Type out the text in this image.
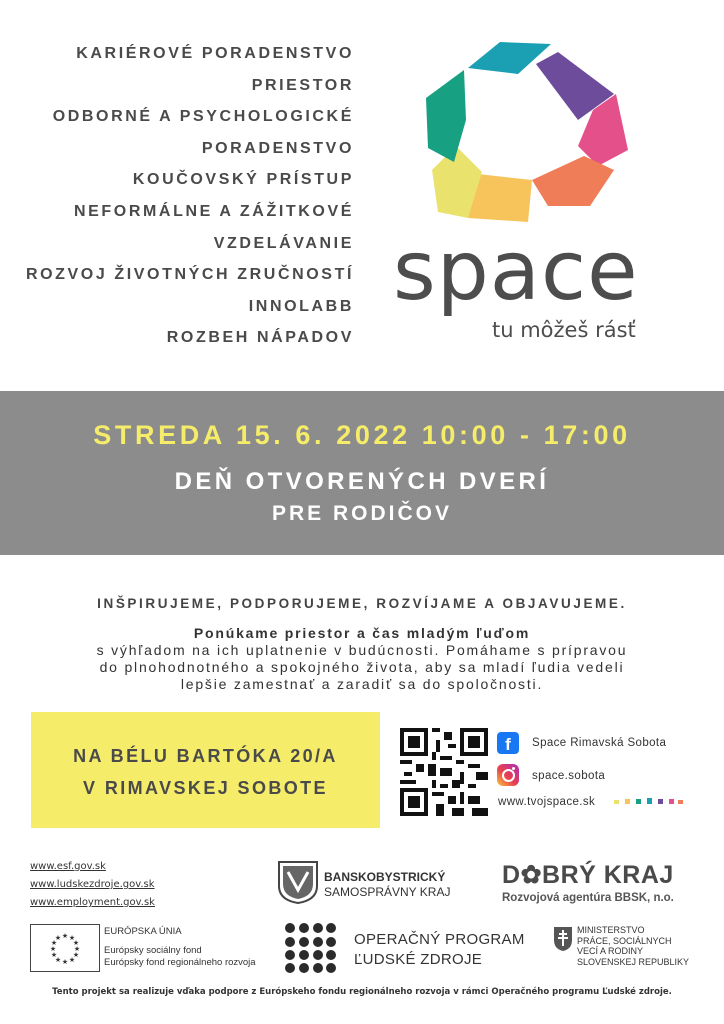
KARIÉROVÉ PORADENSTVO
PRIESTOR
ODBORNÉ A PSYCHOLOGICKÉ
PORADENSTVO
KOUČOVSKÝ PRÍSTUP
NEFORMÁLNE A ZÁŽITKOVÉ
VZDELÁVANIE
ROZVOJ ŽIVOTNÝCH ZRUČNOSTÍ
INNOLABB
ROZBEH NÁPADOV
space
tu môžeš rásť
STREDA 15. 6. 2022 10:00 - 17:00
DEŇ OTVORENÝCH DVERÍ
PRE RODIČOV
INŠPIRUJEME, PODPORUJEME, ROZVÍJAME A OBJAVUJEME.
Ponúkame priestor a čas mladým ľuďom
s výhľadom na ich uplatnenie v budúcnosti. Pomáhame s prípravou
do plnohodnotného a spokojného života, aby sa mladí ľudia vedeli
lepšie zamestnať a zaradiť sa do spoločnosti.
NA BÉLU BARTÓKA 20/A
V RIMAVSKEJ SOBOTE
f	Space Rimavská Sobota
space.sobota
www.tvojspace.sk
www.esf.gov.sk
www.ludskezdroje.gov.sk
www.employment.gov.sk
BANSKOBYSTRICKÝ
SAMOSPRÁVNY KRAJ
D✿BRÝ KRAJ
Rozvojová agentúra BBSK, n.o.
★ ★
★
★
★
★
★
★
★
★
★
★
EURÓPSKA ÚNIA
Európsky sociálny fond
Európsky fond regionálneho rozvoja
OPERAČNÝ PROGRAM
ĽUDSKÉ ZDROJE
MINISTERSTVO
PRÁCE, SOCIÁLNYCH
VECÍ A RODINY
SLOVENSKEJ REPUBLIKY
Tento projekt sa realizuje vďaka podpore z Európskeho fondu regionálneho rozvoja v rámci Operačného programu Ľudské zdroje.
